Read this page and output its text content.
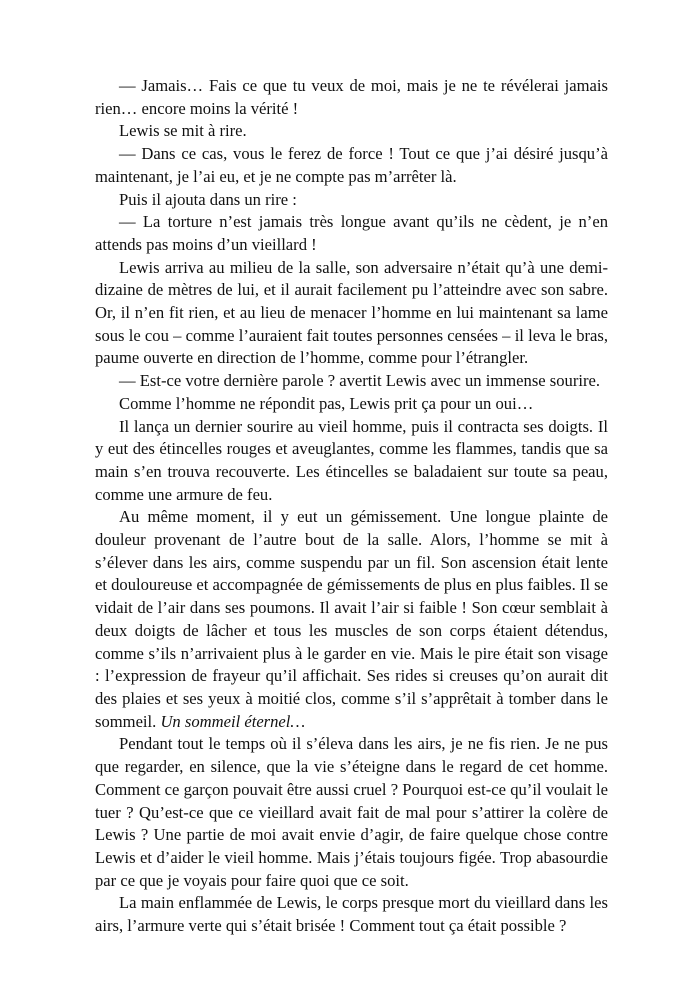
— Jamais… Fais ce que tu veux de moi, mais je ne te révélerai jamais rien… encore moins la vérité !

Lewis se mit à rire.

— Dans ce cas, vous le ferez de force ! Tout ce que j’ai désiré jusqu’à maintenant, je l’ai eu, et je ne compte pas m’arrêter là.

Puis il ajouta dans un rire :

— La torture n’est jamais très longue avant qu’ils ne cèdent, je n’en attends pas moins d’un vieillard !

Lewis arriva au milieu de la salle, son adversaire n’était qu’à une demi-dizaine de mètres de lui, et il aurait facilement pu l’atteindre avec son sabre. Or, il n’en fit rien, et au lieu de menacer l’homme en lui maintenant sa lame sous le cou – comme l’auraient fait toutes personnes censées – il leva le bras, paume ouverte en direction de l’homme, comme pour l’étrangler.

— Est-ce votre dernière parole ? avertit Lewis avec un immense sourire.

Comme l’homme ne répondit pas, Lewis prit ça pour un oui…

Il lança un dernier sourire au vieil homme, puis il contracta ses doigts. Il y eut des étincelles rouges et aveuglantes, comme les flammes, tandis que sa main s’en trouva recouverte. Les étincelles se baladaient sur toute sa peau, comme une armure de feu.

Au même moment, il y eut un gémissement. Une longue plainte de douleur provenant de l’autre bout de la salle. Alors, l’homme se mit à s’élever dans les airs, comme suspendu par un fil. Son ascension était lente et douloureuse et accompagnée de gémissements de plus en plus faibles. Il se vidait de l’air dans ses poumons. Il avait l’air si faible ! Son cœur semblait à deux doigts de lâcher et tous les muscles de son corps étaient détendus, comme s’ils n’arrivaient plus à le garder en vie. Mais le pire était son visage : l’expression de frayeur qu’il affichait. Ses rides si creuses qu’on aurait dit des plaies et ses yeux à moitié clos, comme s’il s’apprêtait à tomber dans le sommeil. Un sommeil éternel…

Pendant tout le temps où il s’éleva dans les airs, je ne fis rien. Je ne pus que regarder, en silence, que la vie s’éteigne dans le regard de cet homme. Comment ce garçon pouvait être aussi cruel ? Pourquoi est-ce qu’il voulait le tuer ? Qu’est-ce que ce vieillard avait fait de mal pour s’attirer la colère de Lewis ? Une partie de moi avait envie d’agir, de faire quelque chose contre Lewis et d’aider le vieil homme. Mais j’étais toujours figée. Trop abasourdie par ce que je voyais pour faire quoi que ce soit.

La main enflammée de Lewis, le corps presque mort du vieillard dans les airs, l’armure verte qui s’était brisée ! Comment tout ça était possible ?
